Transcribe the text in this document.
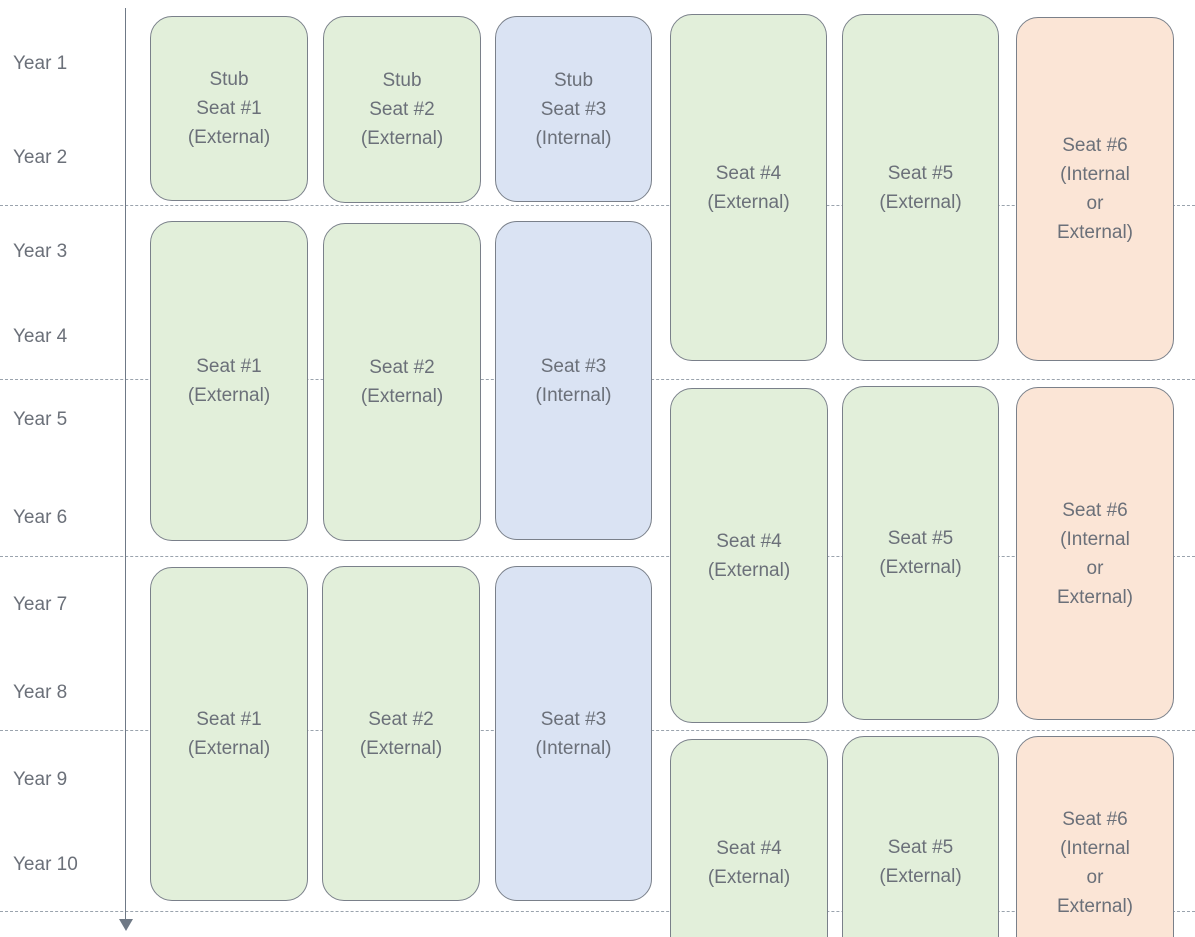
Year 1
Year 2
Year 3
Year 4
Year 5
Year 6
Year 7
Year 8
Year 9
Year 10
Stub
Seat #1
(External)
Stub
Seat #2
(External)
Stub
Seat #3
(Internal)
Seat #1
(External)
Seat #2
(External)
Seat #3
(Internal)
Seat #1
(External)
Seat #2
(External)
Seat #3
(Internal)
Seat #4
(External)
Seat #5
(External)
Seat #6
(Internal
or
External)
Seat #4
(External)
Seat #5
(External)
Seat #6
(Internal
or
External)
Seat #4
(External)
Seat #5
(External)
Seat #6
(Internal
or
External)
